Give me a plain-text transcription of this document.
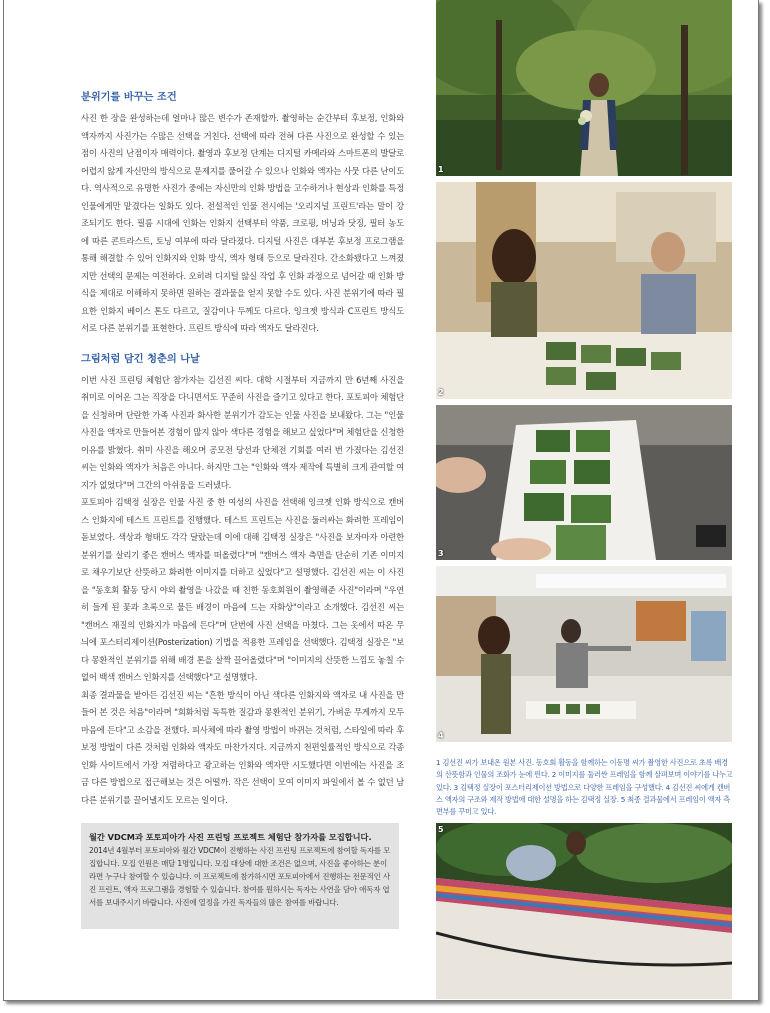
분위기를 바꾸는 조건

사진 한 장을 완성하는데 얼마나 많은 변수가 존재할까. 촬영하는 순간부터 후보정, 인화와 액자까지 사진가는 수많은 선택을 거친다. 선택에 따라 전혀 다른 사진으로 완성할 수 있는 점이 사진의 난점이자 매력이다. 촬영과 후보정 단계는 디지털 카메라와 스마트폰의 발달로 어렵지 않게 자신만의 방식으로 문제지를 풀어갈 수 있으나 인화와 액자는 사뭇 다른 난이도다. 역사적으로 유명한 사진가 중에는 자신만의 인화 방법을 고수하거나 현상과 인화를 특정 인물에게만 맡겼다는 일화도 있다. 전설적인 인물 전시에는 '오리지널 프린트'라는 말이 강조되기도 한다. 필름 시대에 인화는 인화지 선택부터 약품, 크로핑, 버닝과 닷징, 필터 농도에 따른 콘트라스트, 토닝 여부에 따라 달라졌다. 디지털 사진은 대부분 후보정 프로그램을 통해 해결할 수 있어 인화지와 인화 방식, 액자 형태 등으로 달라진다. 간소화됐다고 느껴졌지만 선택의 문제는 여전하다. 오히려 디지털 않실 작업 후 인화 과정으로 넘어갈 때 인화 방식을 제대로 이해하지 못하면 원하는 결과물을 얻지 못할 수도 있다. 사진 분위기에 따라 필요한 인화지 베이스 톤도 다르고, 질감이나 두께도 다르다. 잉크젯 방식과 C프린트 방식도 서로 다른 분위기를 표현한다. 프린트 방식에 따라 액자도 달라진다.

그림처럼 담긴 청춘의 나날

이번 사진 프린팅 체험단 참가자는 김선진 씨다. 대학 시절부터 지금까지 만 6년째 사진을 취미로 이어온 그는 직장을 다니면서도 꾸준히 사진을 즐기고 있다고 한다. 포토피아 체험단을 신청하며 단란한 가족 사진과 화사한 분위기가 감도는 인물 사진을 보내왔다. 그는 "인물 사진을 액자로 만들어본 경험이 많지 않아 색다른 경험을 해보고 싶었다"며 체험단을 신청한 이유를 밝혔다. 취미 사진을 해오며 공모전 당선과 단체전 기회를 여러 번 가졌다는 김선진 씨는 인화와 액자가 처음은 아니다. 하지만 그는 "인화와 액자 제작에 특별히 크게 관여할 여지가 없었다"며 그간의 아쉬움을 드러냈다.

포토피아 김택정 실장은 인물 사진 중 한 여성의 사진을 선택해 잉크젯 인화 방식으로 캔버스 인화지에 테스트 프린트를 진행했다. 테스트 프린트는 사진을 둘러싸는 화려한 프레임이 돋보였다. 색상과 형태도 각각 달랐는데 이에 대해 김택정 실장은 "사진을 보자마자 아련한 분위기를 살리기 좋은 캔버스 액자를 떠올렸다"며 "캔버스 액자 측면을 단순히 기존 이미지로 채우기보단 산뜻하고 화려한 이미지를 더하고 싶었다"고 설명했다. 김선진 씨는 이 사진을 "동호회 활동 당시 야외 촬영을 나갔을 때 친한 동호회원이 촬영해준 사진"이라며 "우연히 들게 된 꽃과 초록으로 물든 배경이 마음에 드는 자화상"이라고 소개했다. 김선진 씨는 "캔버스 재질의 인화지가 마음에 든다"며 단번에 사진 선택을 마쳤다. 그는 옷에서 따온 무늬에 포스터리제이션(Posterization) 기법을 적용한 프레임을 선택했다. 김택정 실장은 "보다 몽환적인 분위기를 위해 배경 톤을 살짝 끌어올렸다"며 "이미지의 산뜻한 느낌도 놓칠 수 없어 백색 캔버스 인화지를 선택했다"고 설명했다.

최종 결과물을 받아든 김선진 씨는 "흔한 방식이 아닌 색다른 인화지와 액자로 내 사진을 만들어 본 것은 처음"이라며 "회화처럼 독특한 질감과 몽환적인 분위기, 가벼운 무게까지 모두 마음에 든다"고 소감을 전했다. 피사체에 따라 촬영 방법이 바뀌는 것처럼, 스타일에 따라 후보정 방법이 다른 것처럼 인화와 액자도 마찬가지다. 지금까지 천편일률적인 방식으로 각종 인화 사이트에서 가장 저렴하다고 광고하는 인화와 액자만 시도했다면 이번에는 사진을 조금 다른 방법으로 접근해보는 것은 어떨까. 작은 선택이 모여 이미지 파일에서 볼 수 없던 남다른 분위기를 끌어낼지도 모르는 일이다.

월간 VDCM과 포토피아가 사진 프린팅 프로젝트 체험단 참가자를 모집합니다.

2014년 4월부터 포토피아와 월간 VDCM이 진행하는 사진 프린팅 프로젝트에 참여할 독자를 모집합니다. 모집 인원은 매달 1명입니다. 모집 대상에 대한 조건은 없으며, 사진을 좋아하는 분이라면 누구나 참여할 수 있습니다. 이 프로젝트에 참가하시면 포토피아에서 진행하는 전문적인 사진 프린트, 액자 프로그램을 경험할 수 있습니다. 참여를 원하시는 독자는 사연을 담아 애독자 엽서를 보내주시기 바랍니다. 사진에 열정을 가진 독자들의 많은 참여를 바랍니다.

1
2
3
4

1 김선진 씨가 보내온 원본 사진. 동호회 활동을 함께하는 이동명 씨가 촬영한 사진으로 초록 배경의 산뜻함과 인물의 조화가 눈에 띈다. 2 이미지를 둘러싼 프레임을 함께 살펴보며 이야기를 나누고 있다. 3 김택정 실장이 포스터리제이션 방법으로 다양한 프레임을 구성했다. 4 김선진 씨에게 캔버스 액자의 구조와 제작 방법에 대한 설명을 하는 김택정 실장. 5 최종 결과물에서 프레임이 액자 측면부를 꾸미고 있다.

5
